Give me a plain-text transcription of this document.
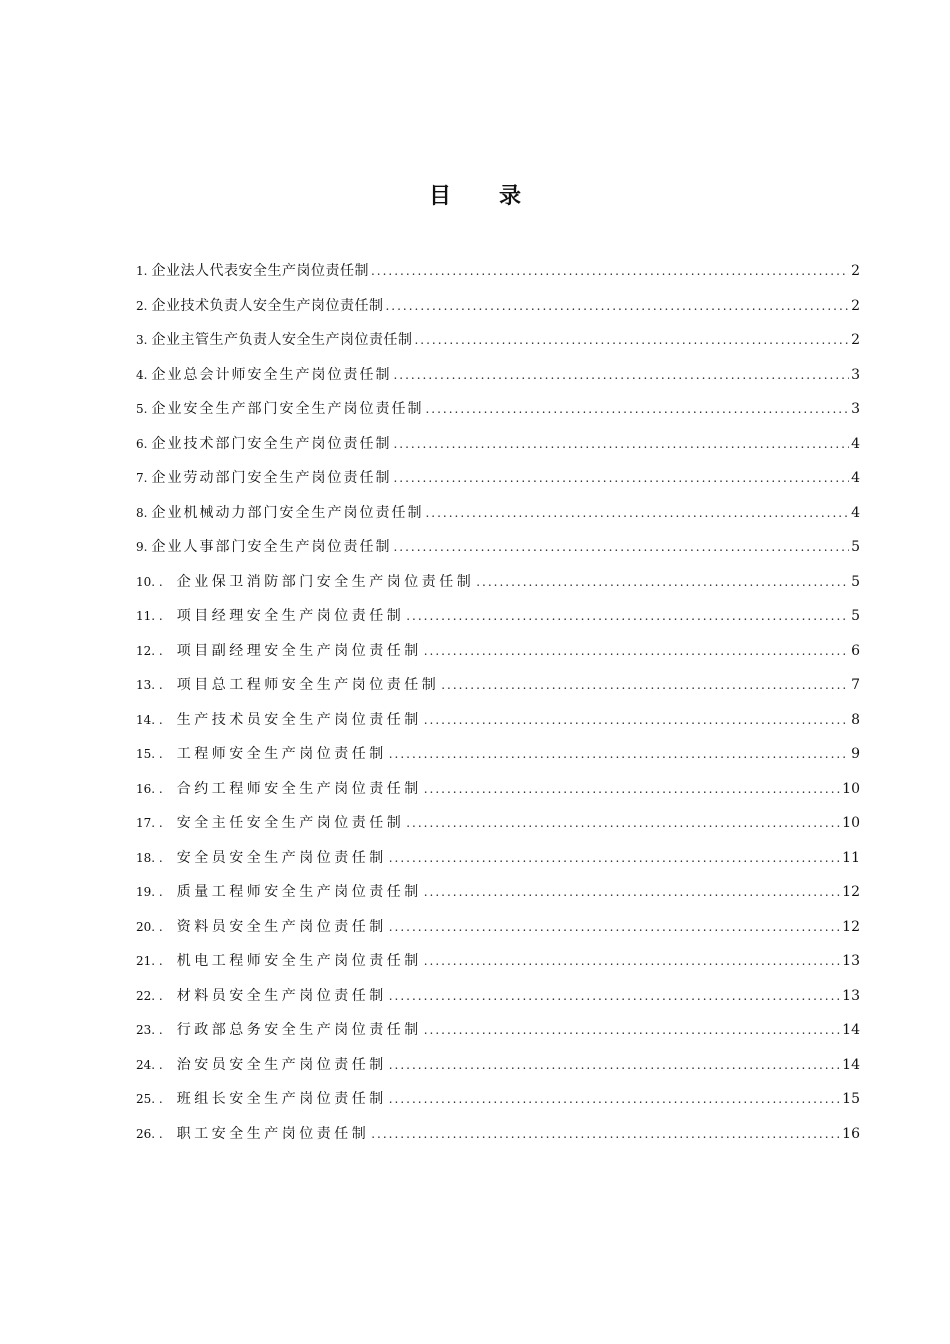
目 录
1. 企业法人代表安全生产岗位责任制 .....	2
2. 企业技术负责人安全生产岗位责任制 .....	2
3. 企业主管生产负责人安全生产岗位责任制 .....	2
4. 企业总会计师安全生产岗位责任制 .....	3
5. 企业安全生产部门安全生产岗位责任制 .....	3
6. 企业技术部门安全生产岗位责任制 .....	4
7. 企业劳动部门安全生产岗位责任制 .....	4
8. 企业机械动力部门安全生产岗位责任制 .....	4
9. 企业人事部门安全生产岗位责任制 .....	5
10. . 企业保卫消防部门安全生产岗位责任制 .....	5
11. . 项目经理安全生产岗位责任制 .....	5
12. . 项目副经理安全生产岗位责任制 .....	6
13. . 项目总工程师安全生产岗位责任制 .....	7
14. . 生产技术员安全生产岗位责任制 .....	8
15. . 工程师安全生产岗位责任制 .....	9
16. . 合约工程师安全生产岗位责任制 .....	10
17. . 安全主任安全生产岗位责任制 .....	10
18. . 安全员安全生产岗位责任制 .....	11
19. . 质量工程师安全生产岗位责任制 .....	12
20. . 资料员安全生产岗位责任制 .....	12
21. . 机电工程师安全生产岗位责任制 .....	13
22. . 材料员安全生产岗位责任制 .....	13
23. . 行政部总务安全生产岗位责任制 .....	14
24. . 治安员安全生产岗位责任制 .....	14
25. . 班组长安全生产岗位责任制 .....	15
26. . 职工安全生产岗位责任制 .....	16
